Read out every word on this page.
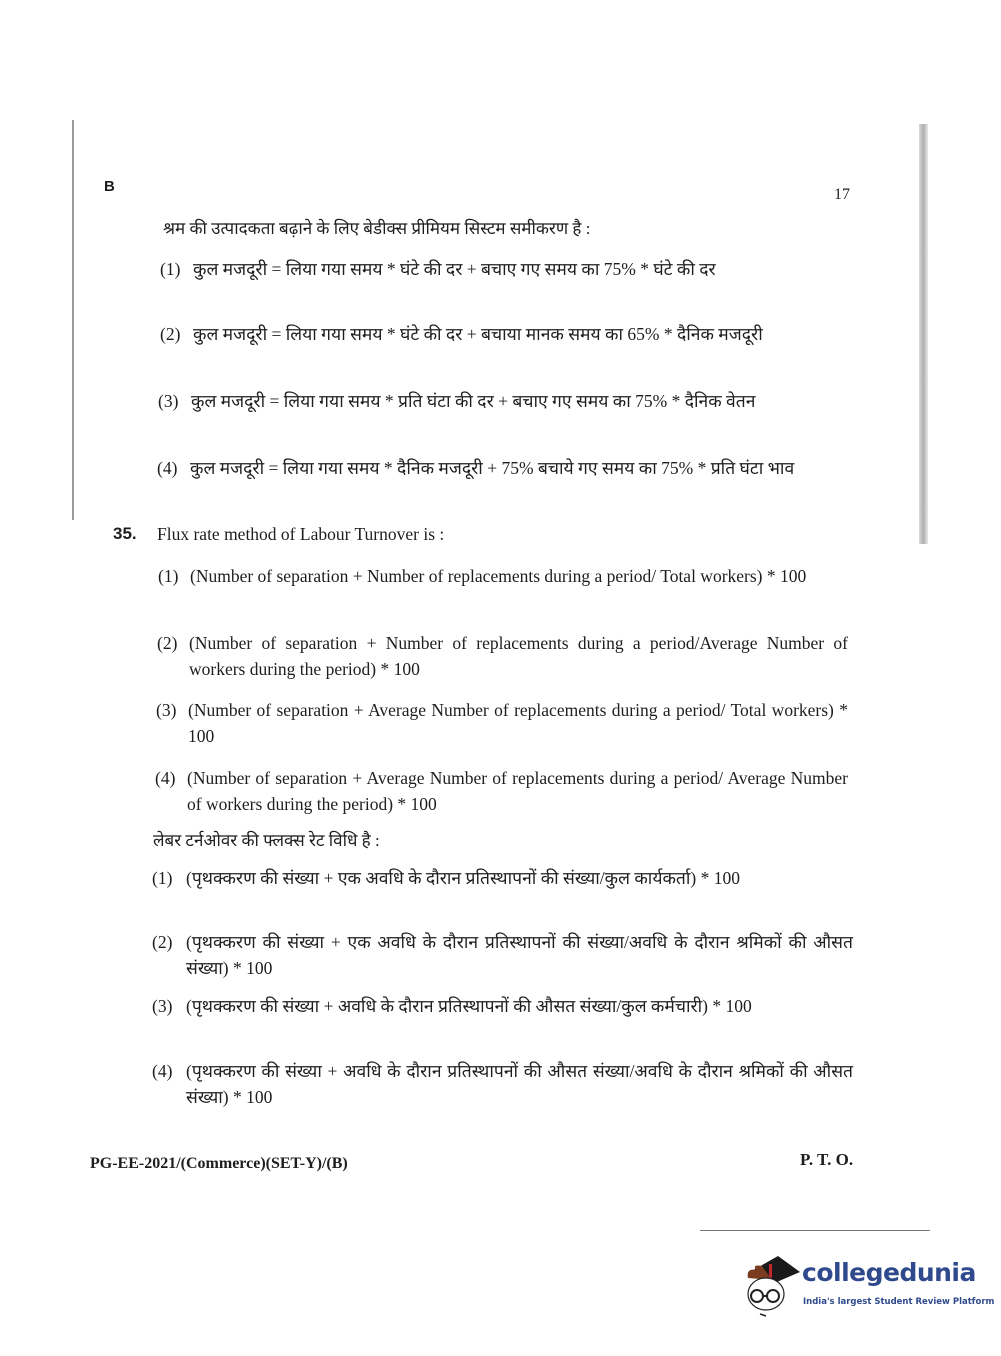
B	17
श्रम की उत्पादकता बढ़ाने के लिए बेडीक्स प्रीमियम सिस्टम समीकरण है :
(1) कुल मजदूरी = लिया गया समय * घंटे की दर + बचाए गए समय का 75% * घंटे की दर
(2) कुल मजदूरी = लिया गया समय * घंटे की दर + बचाया मानक समय का 65% * दैनिक मजदूरी
(3) कुल मजदूरी = लिया गया समय * प्रति घंटा की दर + बचाए गए समय का 75% * दैनिक वेतन
(4) कुल मजदूरी = लिया गया समय * दैनिक मजदूरी + 75% बचाये गए समय का 75% * प्रति घंटा भाव
35. Flux rate method of Labour Turnover is :
(1) (Number of separation + Number of replacements during a period/ Total workers) * 100
(2) (Number of separation + Number of replacements during a period/Average Number of workers during the period) * 100
(3) (Number of separation + Average Number of replacements during a period/ Total workers) * 100
(4) (Number of separation + Average Number of replacements during a period/ Average Number of workers during the period) * 100
लेबर टर्नओवर की फ्लक्स रेट विधि है :
(1) (पृथक्करण की संख्या + एक अवधि के दौरान प्रतिस्थापनों की संख्या/कुल कार्यकर्ता) * 100
(2) (पृथक्करण की संख्या + एक अवधि के दौरान प्रतिस्थापनों की संख्या/अवधि के दौरान श्रमिकों की औसत संख्या) * 100
(3) (पृथक्करण की संख्या + अवधि के दौरान प्रतिस्थापनों की औसत संख्या/कुल कर्मचारी) * 100
(4) (पृथक्करण की संख्या + अवधि के दौरान प्रतिस्थापनों की औसत संख्या/अवधि के दौरान श्रमिकों की औसत संख्या) * 100
PG-EE-2021/(Commerce)(SET-Y)/(B)	P. T. O.
collegedunia
India's largest Student Review Platform
